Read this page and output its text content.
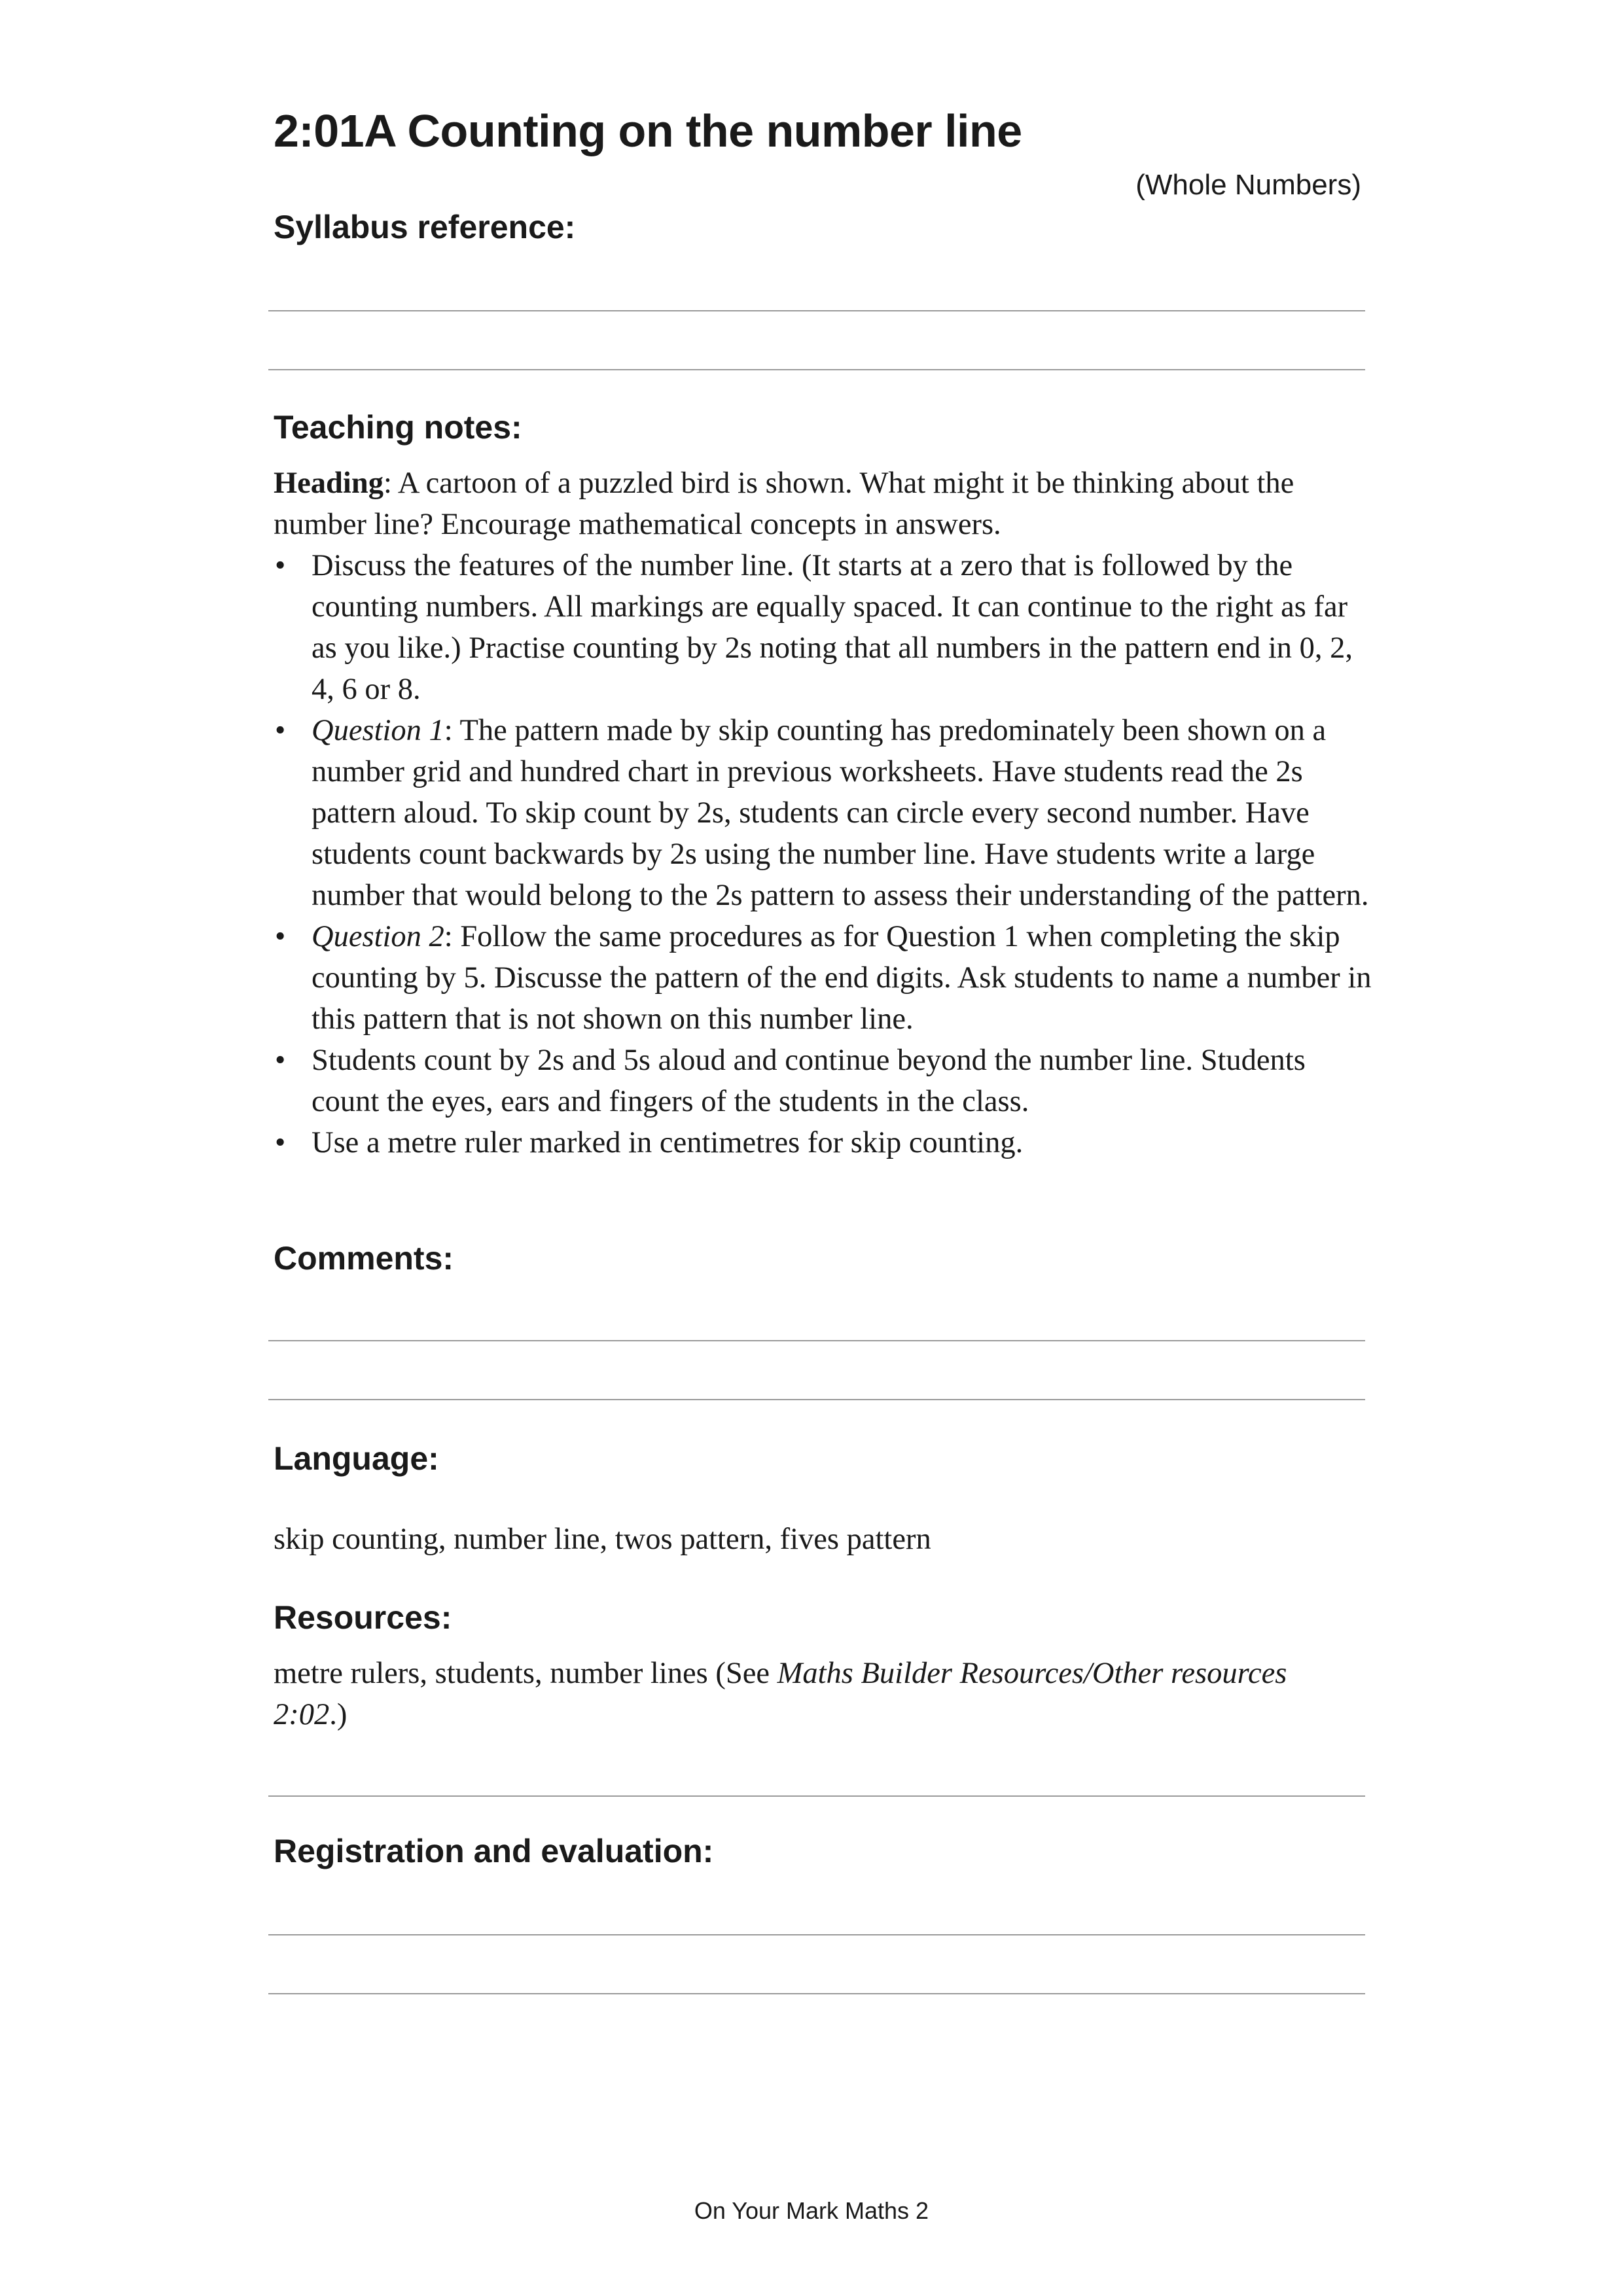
2:01A Counting on the number line
(Whole Numbers)
Syllabus reference:
Teaching notes:

Heading: A cartoon of a puzzled bird is shown. What might it be thinking about the number line? Encourage mathematical concepts in answers.

• Discuss the features of the number line. (It starts at a zero that is followed by the counting numbers. All markings are equally spaced. It can continue to the right as far as you like.) Practise counting by 2s noting that all numbers in the pattern end in 0, 2, 4, 6 or 8.
• Question 1: The pattern made by skip counting has predominately been shown on a number grid and hundred chart in previous worksheets. Have students read the 2s pattern aloud. To skip count by 2s, students can circle every second number. Have students count backwards by 2s using the number line. Have students write a large number that would belong to the 2s pattern to assess their understanding of the pattern.
• Question 2: Follow the same procedures as for Question 1 when completing the skip counting by 5. Discusse the pattern of the end digits. Ask students to name a number in this pattern that is not shown on this number line.
• Students count by 2s and 5s aloud and continue beyond the number line. Students count the eyes, ears and fingers of the students in the class.
• Use a metre ruler marked in centimetres for skip counting.
Comments:
Language:
skip counting, number line, twos pattern, fives pattern
Resources:
metre rulers, students, number lines (See Maths Builder Resources/Other resources 2:02.)
Registration and evaluation:
On Your Mark Maths 2
